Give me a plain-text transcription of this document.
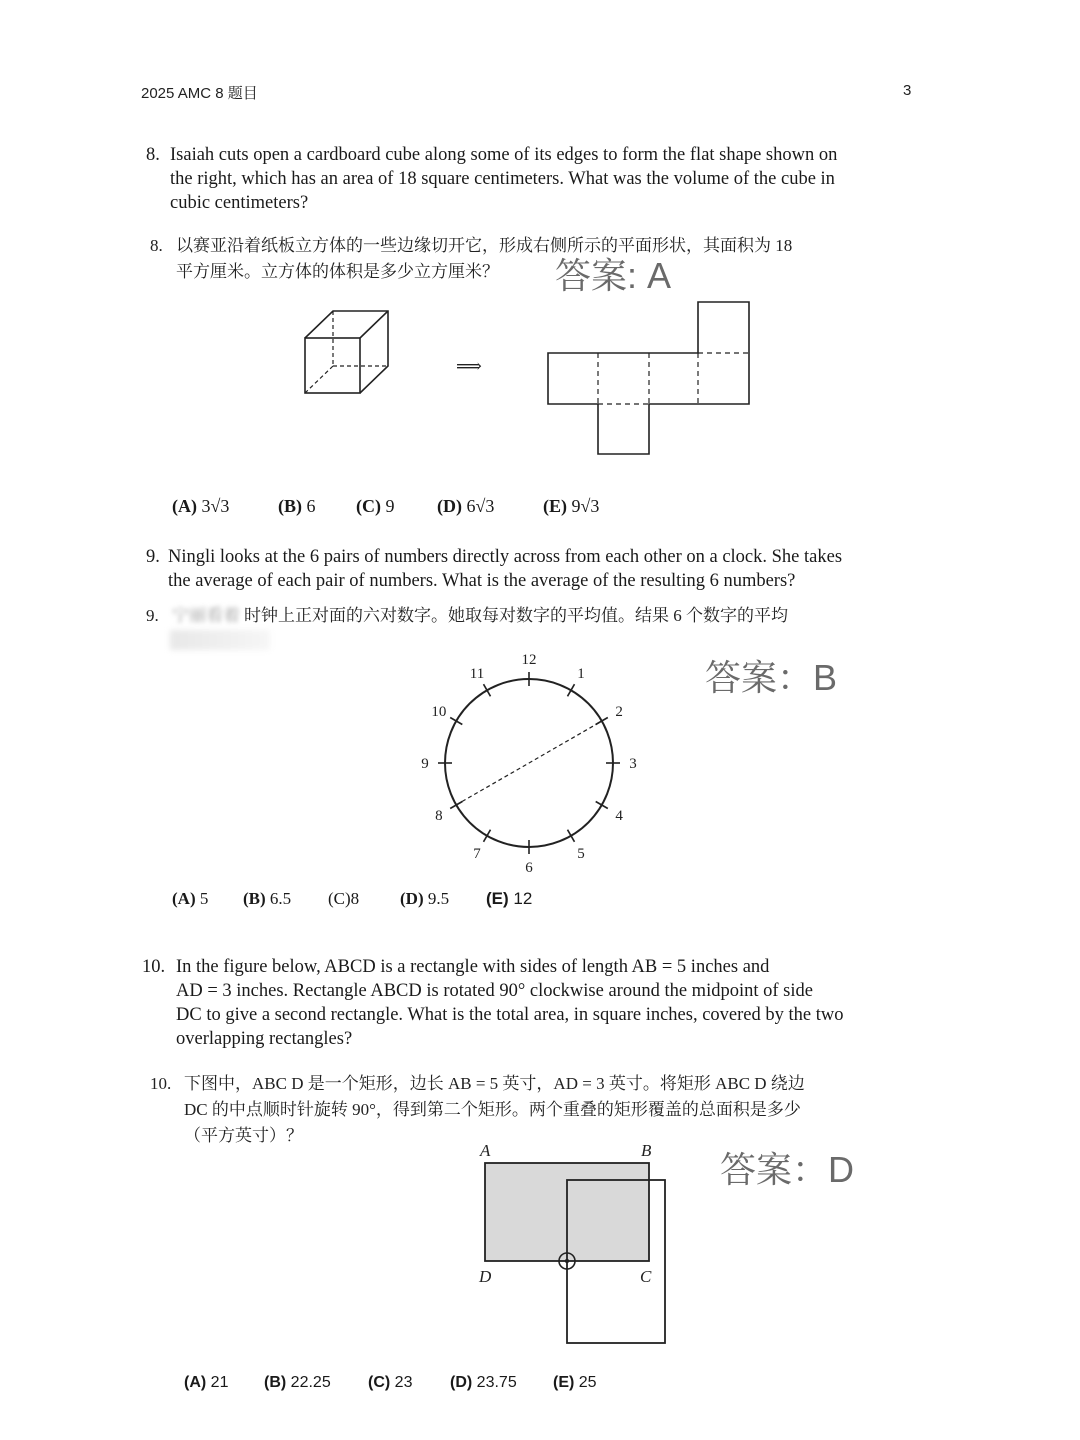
2025 AMC 8 题目	3
8. Isaiah cuts open a cardboard cube along some of its edges to form the flat shape shown on
the right, which has an area of 18 square centimeters. What was the volume of the cube in
cubic centimeters?
8. 以赛亚沿着纸板立方体的一些边缘切开它，形成右侧所示的平面形状，其面积为 18
平方厘米。立方体的体积是多少立方厘米？	答案: A
⟹
(A) 3√3	(B) 6 (C) 9 (D) 6√3	(E) 9√3
9. Ningli looks at the 6 pairs of numbers directly across from each other on a clock. She takes
the average of each pair of numbers. What is the average of the resulting 6 numbers?
9. 宁丽看着 时钟上正对面的六对数字。她取每对数字的平均值。结果 6 个数字的平均
答案：B
12
1
2
3
4
5
6
7
8
9
10
11
(A) 5 (B) 6.5 (C)8 (D) 9.5 (E) 12
10. In the figure below, ABCD is a rectangle with sides of length AB = 5 inches and
AD = 3 inches. Rectangle ABCD is rotated 90° clockwise around the midpoint of side
DC to give a second rectangle. What is the total area, in square inches, covered by the two
overlapping rectangles?
10. 下图中，ABC D 是一个矩形，边长 AB = 5 英寸，AD = 3 英寸。将矩形 ABC D 绕边
DC 的中点顺时针旋转 90°，得到第二个矩形。两个重叠的矩形覆盖的总面积是多少
（平方英寸）？
答案：D
A	B
D	C
(A) 21 (B) 22.25 (C) 23 (D) 23.75 (E) 25
